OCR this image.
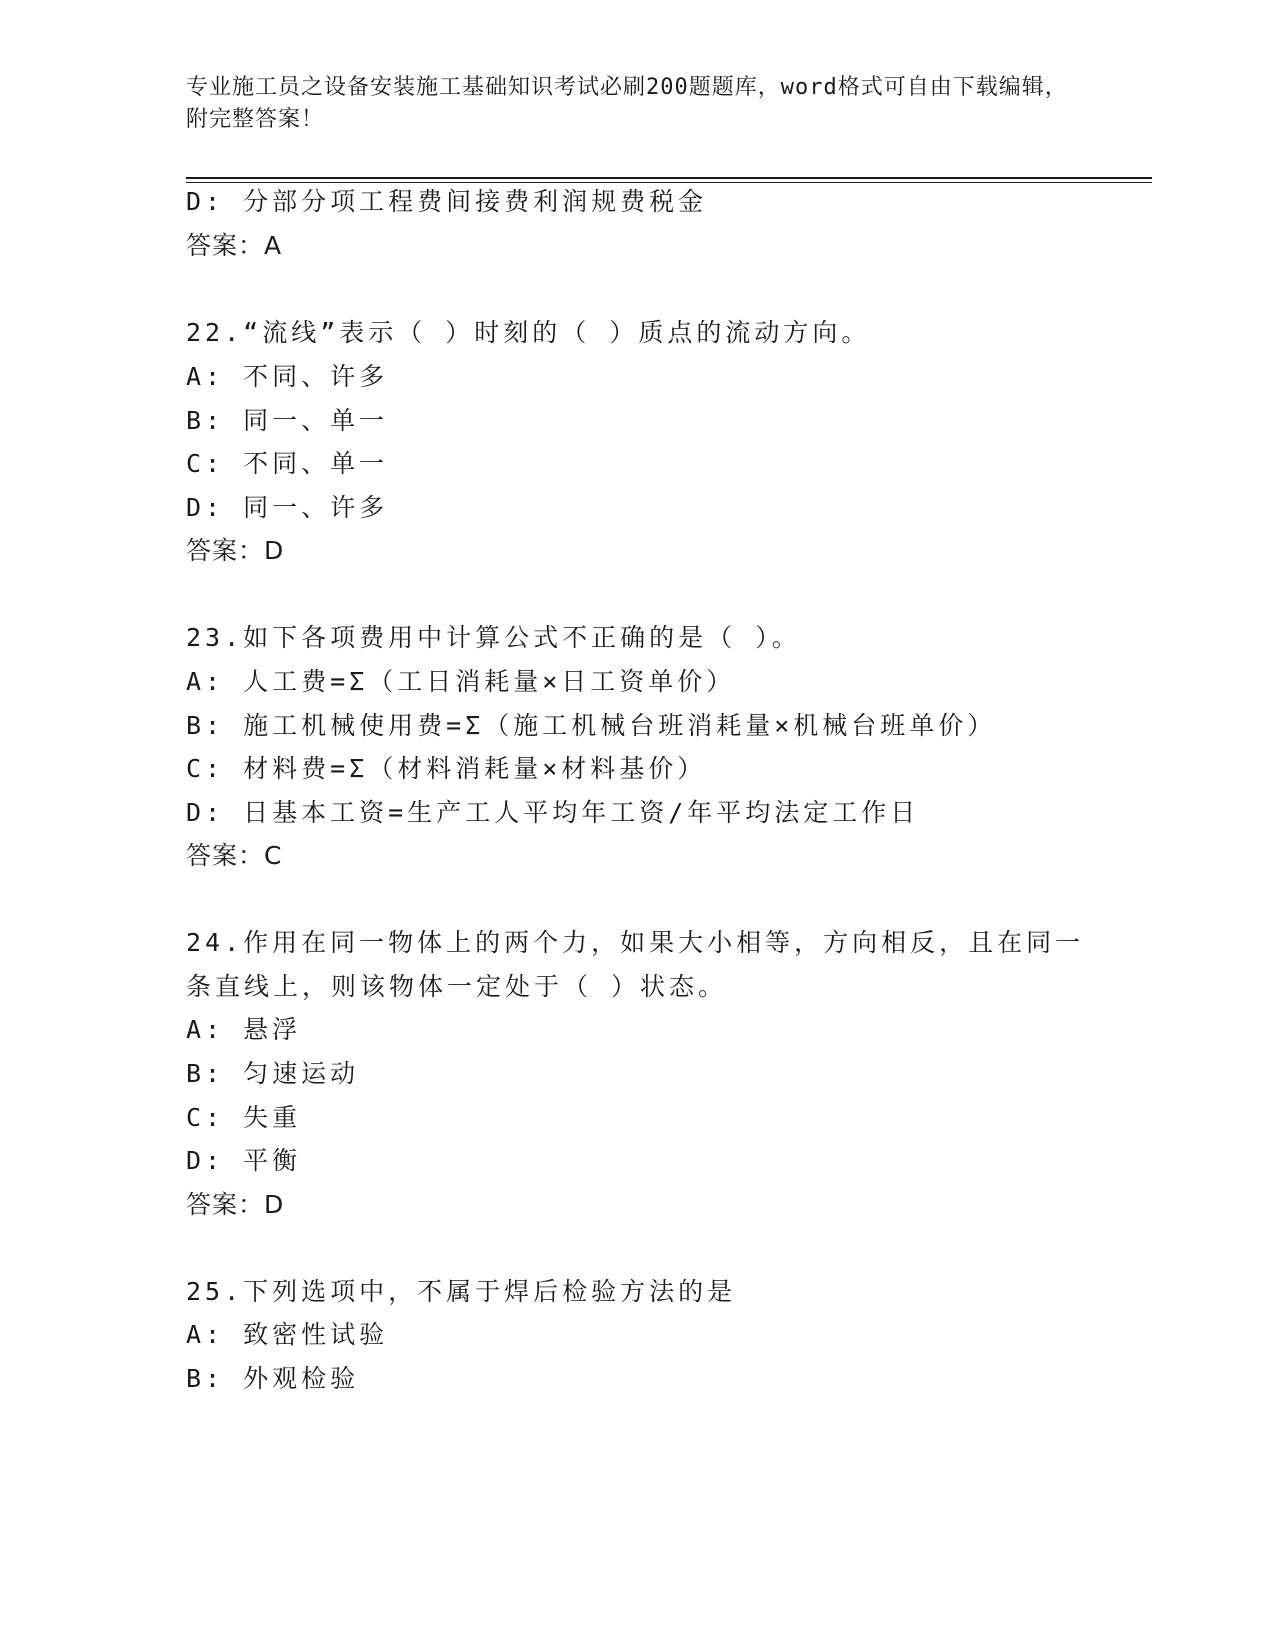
专业施工员之设备安装施工基础知识考试必刷200题题库，word格式可自由下载编辑，附完整答案！
D: 分部分项工程费间接费利润规费税金
答案：A
22.“流线”表示（ ）时刻的（ ）质点的流动方向。
A: 不同、许多
B: 同一、单一
C: 不同、单一
D: 同一、许多
答案：D
23.如下各项费用中计算公式不正确的是（ ）。
A: 人工费=Σ（工日消耗量×日工资单价）
B: 施工机械使用费=Σ（施工机械台班消耗量×机械台班单价）
C: 材料费=Σ（材料消耗量×材料基价）
D: 日基本工资=生产工人平均年工资/年平均法定工作日
答案：C
24.作用在同一物体上的两个力，如果大小相等，方向相反，且在同一
条直线上，则该物体一定处于（ ）状态。
A: 悬浮
B: 匀速运动
C: 失重
D: 平衡
答案：D
25.下列选项中，不属于焊后检验方法的是
A: 致密性试验
B: 外观检验
